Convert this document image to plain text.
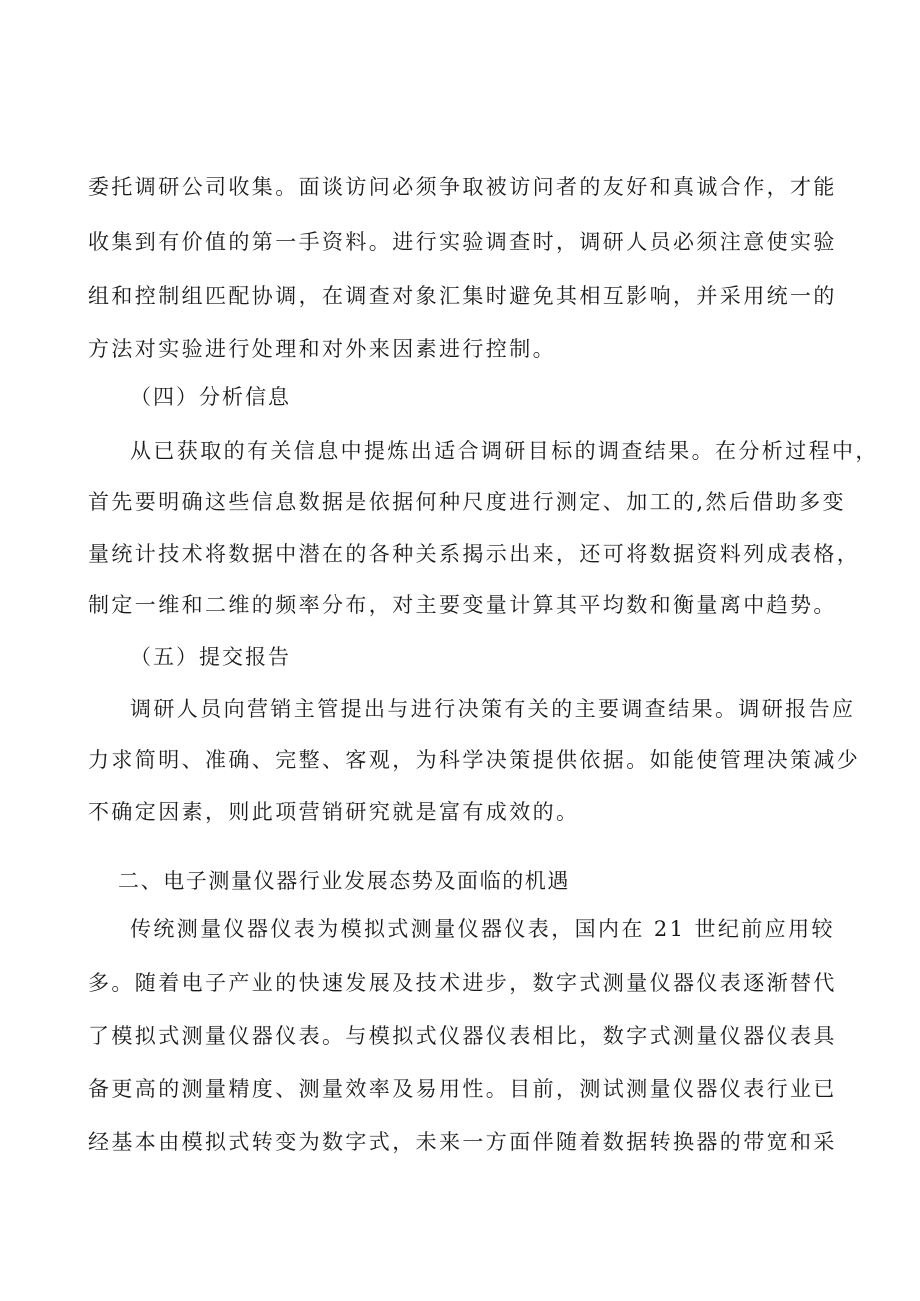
委托调研公司收集。面谈访问必须争取被访问者的友好和真诚合作，才能
收集到有价值的第一手资料。进行实验调查时，调研人员必须注意使实验
组和控制组匹配协调，在调查对象汇集时避免其相互影响，并采用统一的
方法对实验进行处理和对外来因素进行控制。
（四）分析信息
从已获取的有关信息中提炼出适合调研目标的调查结果。在分析过程中，
首先要明确这些信息数据是依据何种尺度进行测定、加工的,然后借助多变
量统计技术将数据中潜在的各种关系揭示出来，还可将数据资料列成表格，
制定一维和二维的频率分布，对主要变量计算其平均数和衡量离中趋势。
（五）提交报告
调研人员向营销主管提出与进行决策有关的主要调查结果。调研报告应
力求简明、准确、完整、客观，为科学决策提供依据。如能使管理决策减少
不确定因素，则此项营销研究就是富有成效的。
二、电子测量仪器行业发展态势及面临的机遇
传统测量仪器仪表为模拟式测量仪器仪表，国内在 21 世纪前应用较
多。随着电子产业的快速发展及技术进步，数字式测量仪器仪表逐渐替代
了模拟式测量仪器仪表。与模拟式仪器仪表相比，数字式测量仪器仪表具
备更高的测量精度、测量效率及易用性。目前，测试测量仪器仪表行业已
经基本由模拟式转变为数字式，未来一方面伴随着数据转换器的带宽和采
